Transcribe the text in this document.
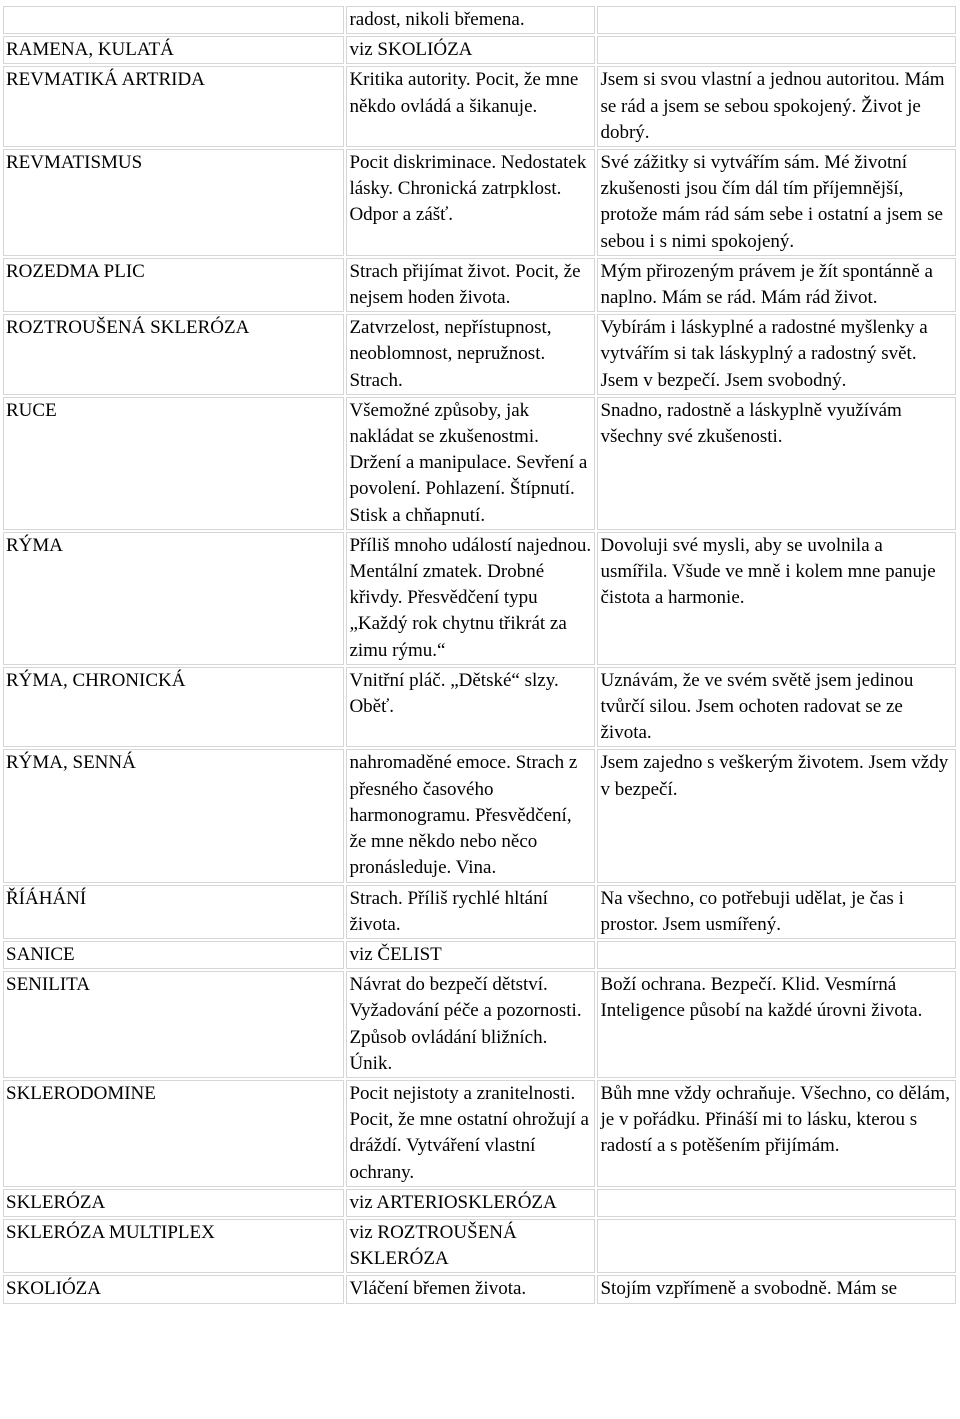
	radost, nikoli břemena.	
RAMENA, KULATÁ	viz SKOLIÓZA	
REVMATIKÁ ARTRIDA	Kritika autority. Pocit, že mne někdo ovládá a šikanuje.	Jsem si svou vlastní a jednou autoritou. Mám se rád a jsem se sebou spokojený. Život je dobrý.
REVMATISMUS	Pocit diskriminace. Nedostatek lásky. Chronická zatrpklost. Odpor a zášť.	Své zážitky si vytvářím sám. Mé životní zkušenosti jsou čím dál tím příjemnější, protože mám rád sám sebe i ostatní a jsem se sebou i s nimi spokojený.
ROZEDMA PLIC	Strach přijímat život. Pocit, že nejsem hoden života.	Mým přirozeným právem je žít spontánně a naplno. Mám se rád. Mám rád život.
ROZTROUŠENÁ SKLERÓZA	Zatvrzelost, nepřístupnost, neoblomnost, nepružnost. Strach.	Vybírám i láskyplné a radostné myšlenky a vytvářím si tak láskyplný a radostný svět. Jsem v bezpečí. Jsem svobodný.
RUCE	Všemožné způsoby, jak nakládat se zkušenostmi. Držení a manipulace. Sevření a povolení. Pohlazení. Štípnutí. Stisk a chňapnutí.	Snadno, radostně a láskyplně využívám všechny své zkušenosti.
RÝMA	Příliš mnoho událostí najednou. Mentální zmatek. Drobné křivdy. Přesvědčení typu „Každý rok chytnu třikrát za zimu rýmu.“	Dovoluji své mysli, aby se uvolnila a usmířila. Všude ve mně i kolem mne panuje čistota a harmonie.
RÝMA, CHRONICKÁ	Vnitřní pláč. „Dětské“ slzy. Oběť.	Uznávám, že ve svém světě jsem jedinou tvůrčí silou. Jsem ochoten radovat se ze života.
RÝMA, SENNÁ	nahromaděné emoce. Strach z přesného časového harmonogramu. Přesvědčení, že mne někdo nebo něco pronásleduje. Vina.	Jsem zajedno s veškerým životem. Jsem vždy v bezpečí.
ŘÍÁHÁNÍ	Strach. Příliš rychlé hltání života.	Na všechno, co potřebuji udělat, je čas i prostor. Jsem usmířený.
SANICE	viz ČELIST	
SENILITA	Návrat do bezpečí dětství. Vyžadování péče a pozornosti. Způsob ovládání bližních. Únik.	Boží ochrana. Bezpečí. Klid. Vesmírná Inteligence působí na každé úrovni života.
SKLERODOMINE	Pocit nejistoty a zranitelnosti. Pocit, že mne ostatní ohrožují a dráždí. Vytváření vlastní ochrany.	Bůh mne vždy ochraňuje. Všechno, co dělám, je v pořádku. Přináší mi to lásku, kterou s radostí a s potěšením přijímám.
SKLERÓZA	viz ARTERIOSKLERÓZA	
SKLERÓZA MULTIPLEX	viz ROZTROUŠENÁ SKLERÓZA	
SKOLIÓZA	Vláčení břemen života.	Stojím vzpřímeně a svobodně. Mám se
